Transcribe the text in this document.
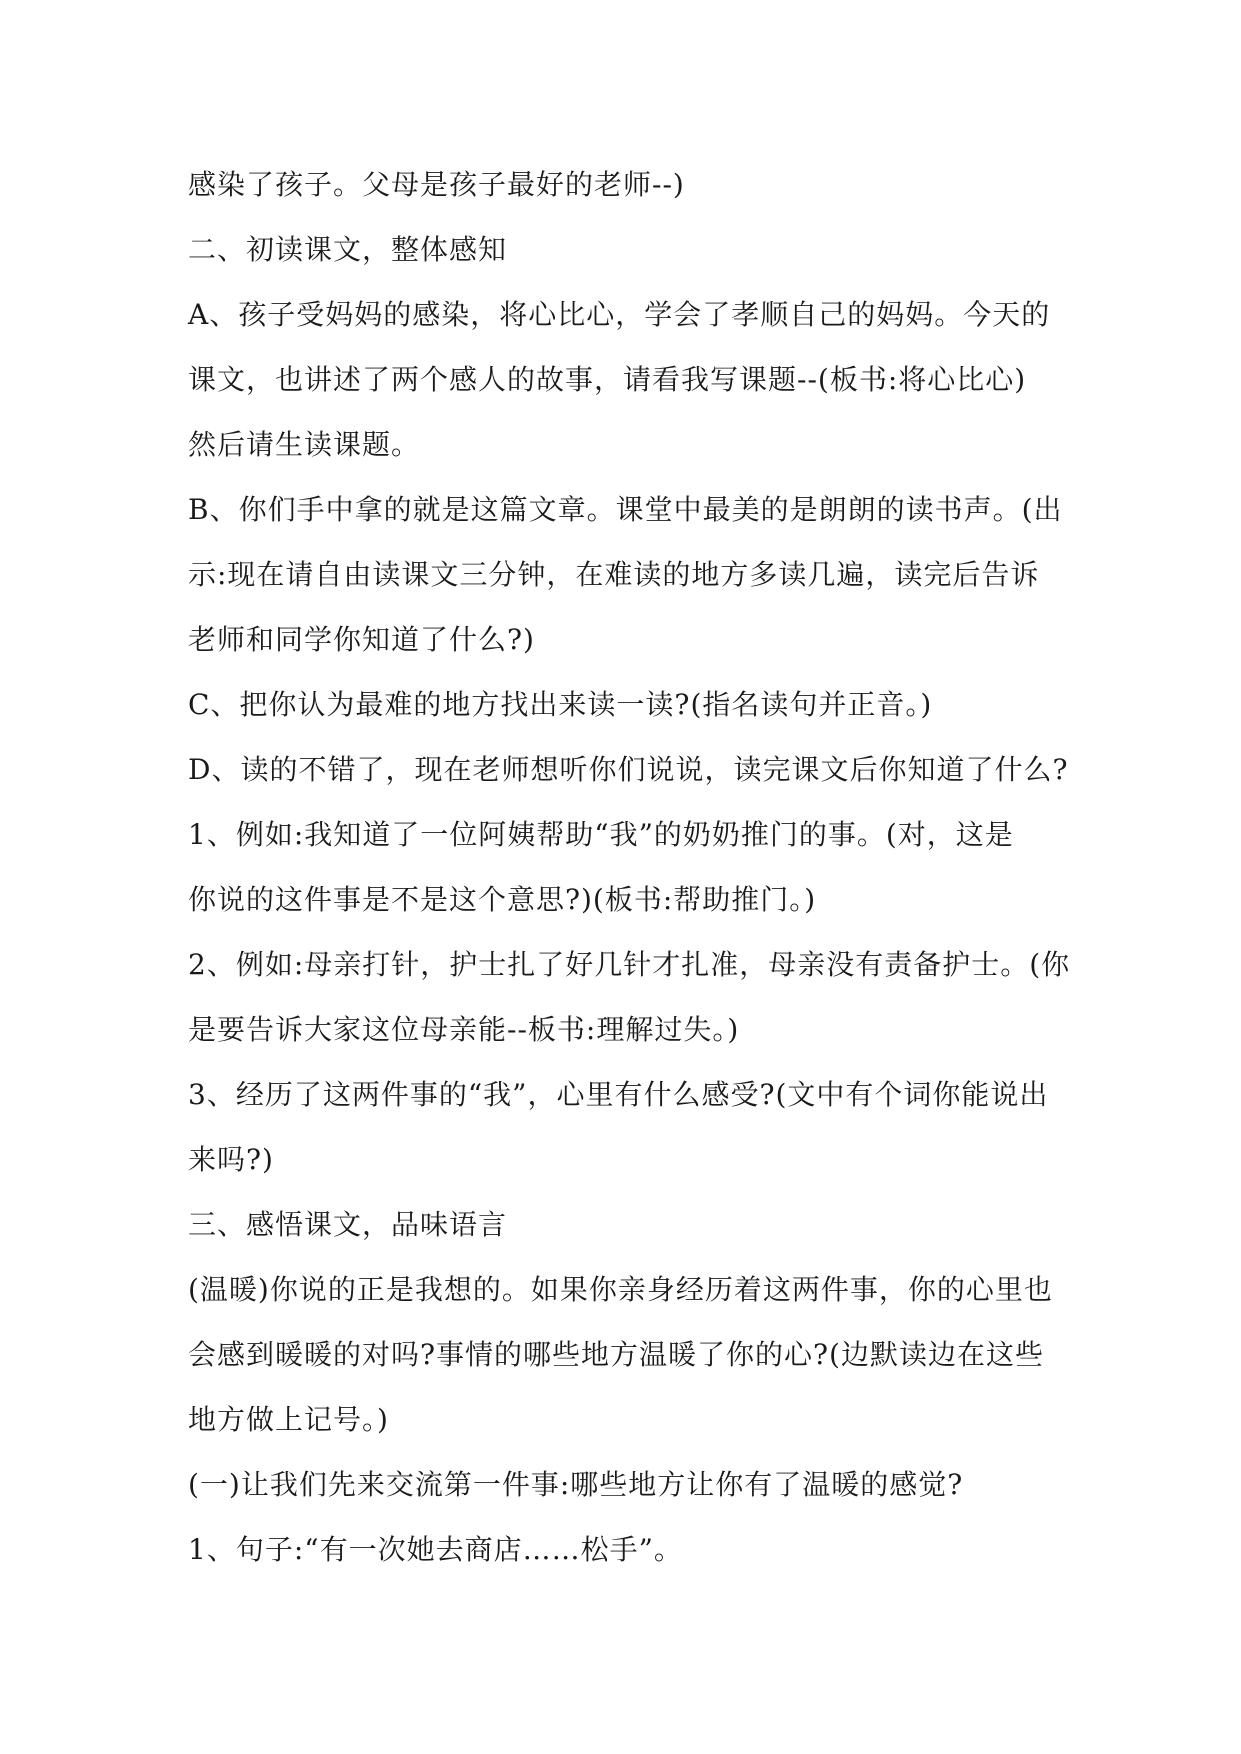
感染了孩子。父母是孩子最好的老师--)
二、初读课文，整体感知
A、孩子受妈妈的感染，将心比心，学会了孝顺自己的妈妈。今天的
课文，也讲述了两个感人的故事，请看我写课题--(板书:将心比心)
然后请生读课题。
B、你们手中拿的就是这篇文章。课堂中最美的是朗朗的读书声。(出
示:现在请自由读课文三分钟，在难读的地方多读几遍，读完后告诉
老师和同学你知道了什么?)
C、把你认为最难的地方找出来读一读?(指名读句并正音。)
D、读的不错了，现在老师想听你们说说，读完课文后你知道了什么?
1、例如:我知道了一位阿姨帮助“我”的奶奶推门的事。(对，这是
你说的这件事是不是这个意思?)(板书:帮助推门。)
2、例如:母亲打针，护士扎了好几针才扎准，母亲没有责备护士。(你
是要告诉大家这位母亲能--板书:理解过失。)
3、经历了这两件事的“我”，心里有什么感受?(文中有个词你能说出
来吗?)
三、感悟课文，品味语言
(温暖)你说的正是我想的。如果你亲身经历着这两件事，你的心里也
会感到暖暖的对吗?事情的哪些地方温暖了你的心?(边默读边在这些
地方做上记号。)
(一)让我们先来交流第一件事:哪些地方让你有了温暖的感觉?
1、句子:“有一次她去商店……松手”。
